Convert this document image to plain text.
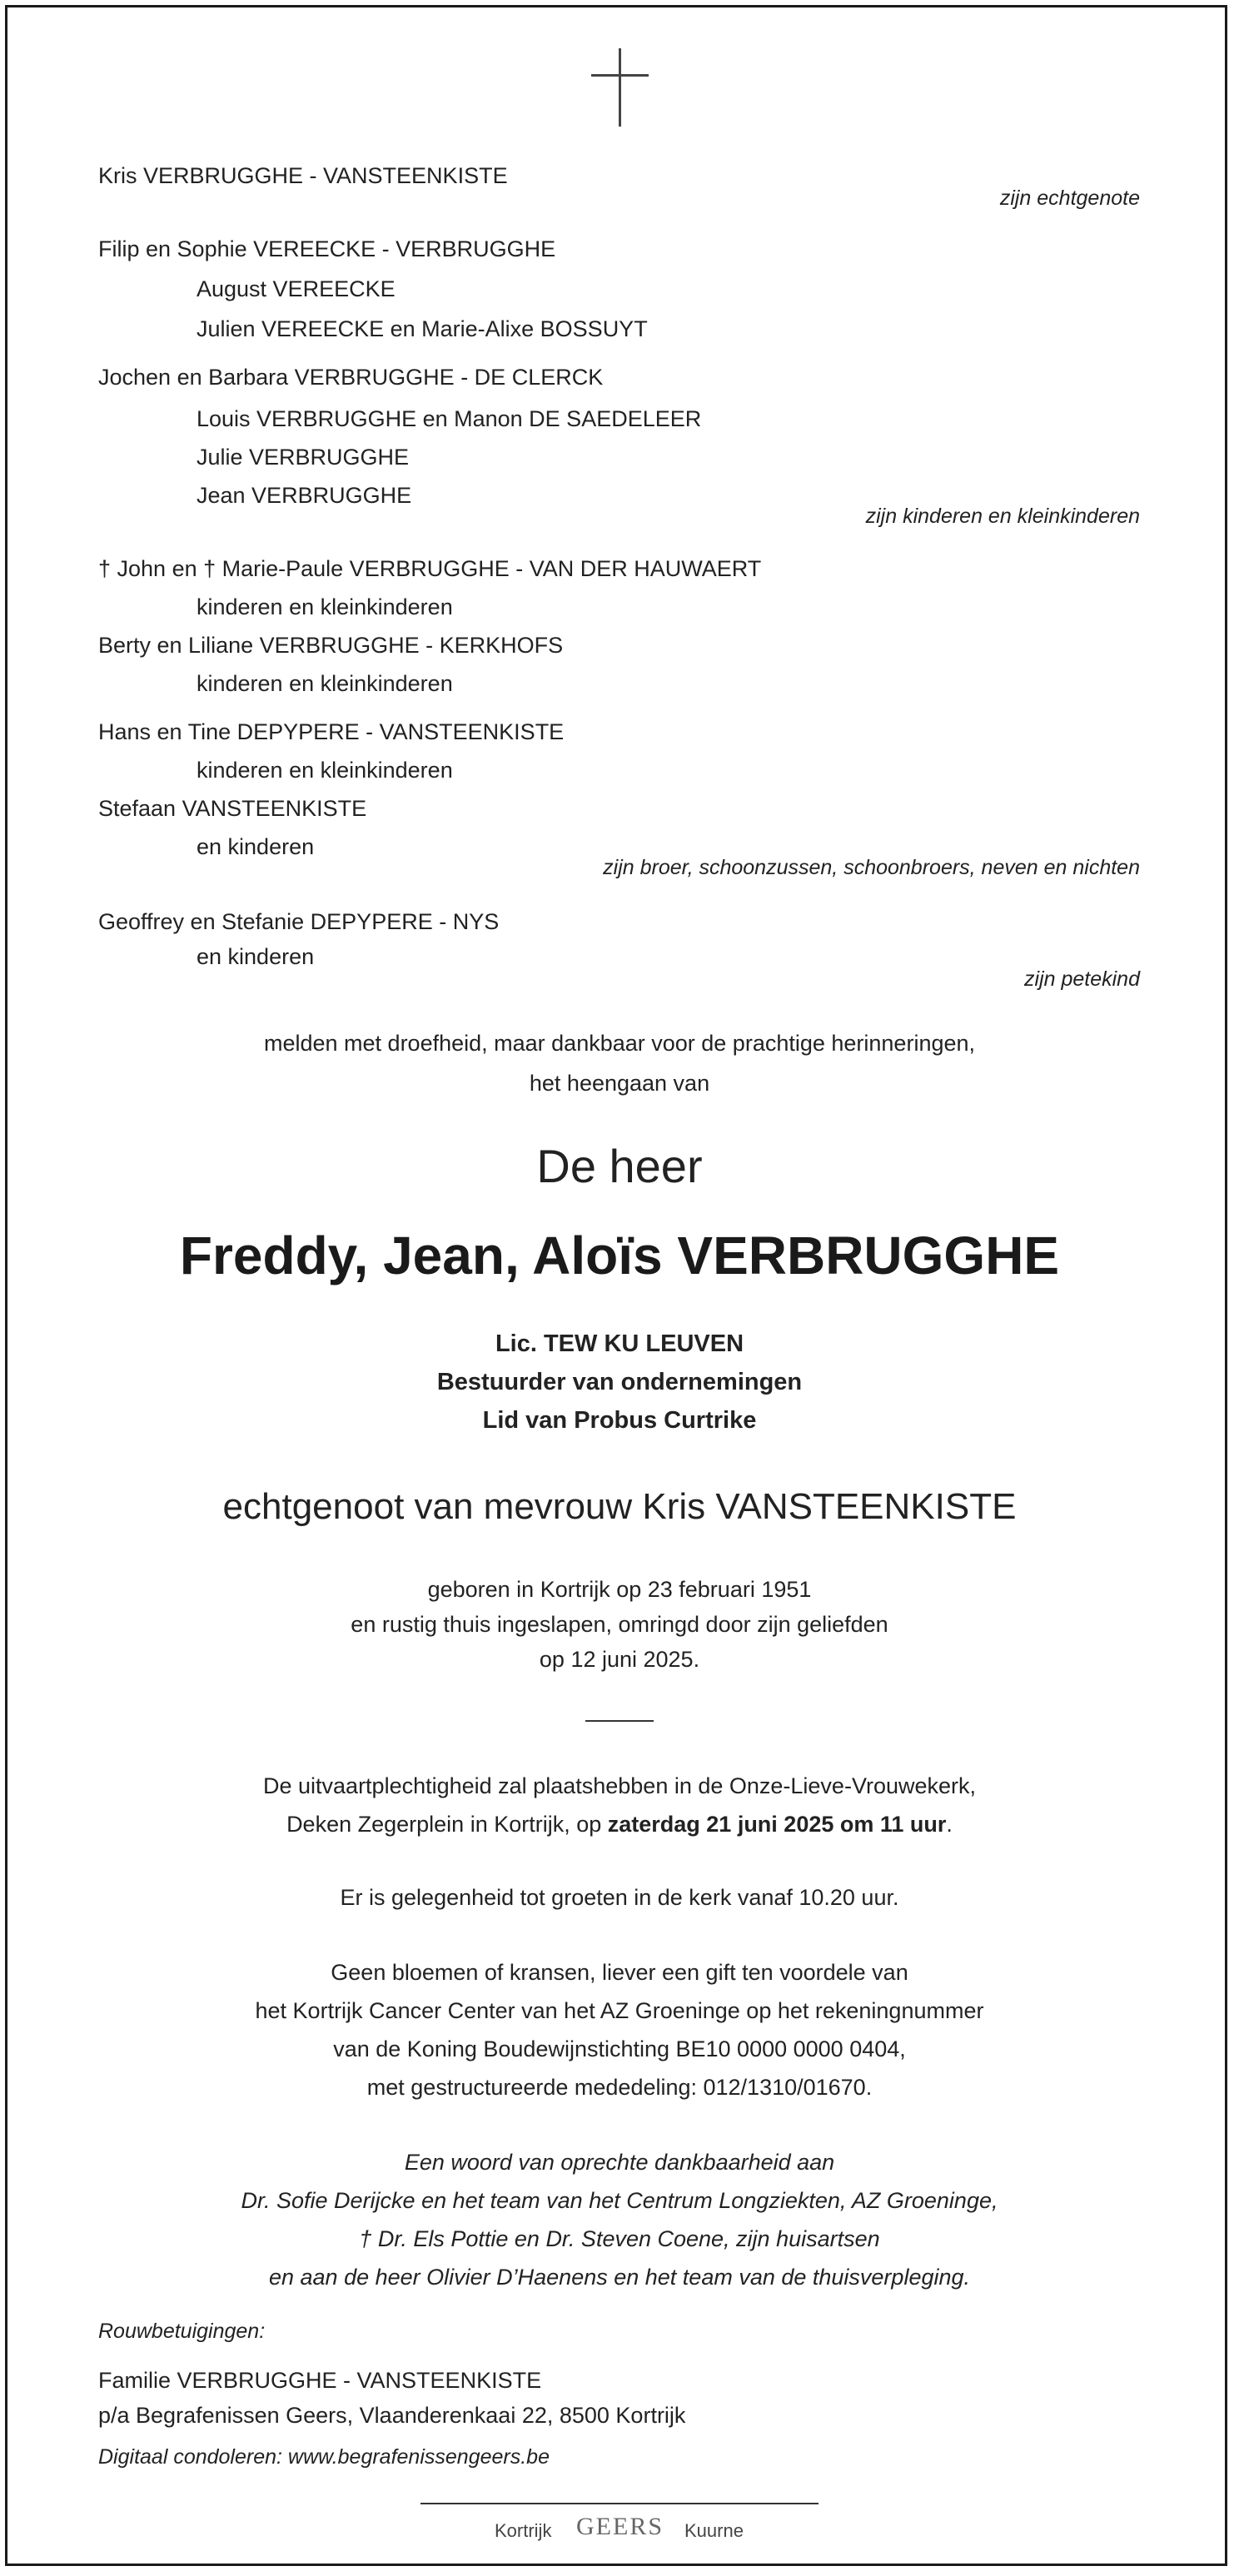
Kris VERBRUGGHE - VANSTEENKISTE
zijn echtgenote
Filip en Sophie VEREECKE - VERBRUGGHE
August VEREECKE
Julien VEREECKE en Marie-Alixe BOSSUYT
Jochen en Barbara VERBRUGGHE - DE CLERCK
Louis VERBRUGGHE en Manon DE SAEDELEER
Julie VERBRUGGHE
Jean VERBRUGGHE
zijn kinderen en kleinkinderen
† John en † Marie-Paule VERBRUGGHE - VAN DER HAUWAERT
kinderen en kleinkinderen
Berty en Liliane VERBRUGGHE - KERKHOFS
kinderen en kleinkinderen
Hans en Tine DEPYPERE - VANSTEENKISTE
kinderen en kleinkinderen
Stefaan VANSTEENKISTE
en kinderen
zijn broer, schoonzussen, schoonbroers, neven en nichten
Geoffrey en Stefanie DEPYPERE - NYS
en kinderen
zijn petekind
melden met droefheid, maar dankbaar voor de prachtige herinneringen,
het heengaan van
De heer
Freddy, Jean, Aloïs VERBRUGGHE
Lic. TEW KU LEUVEN
Bestuurder van ondernemingen
Lid van Probus Curtrike
echtgenoot van mevrouw Kris VANSTEENKISTE
geboren in Kortrijk op 23 februari 1951
en rustig thuis ingeslapen, omringd door zijn geliefden
op 12 juni 2025.
De uitvaartplechtigheid zal plaatshebben in de Onze-Lieve-Vrouwekerk,
Deken Zegerplein in Kortrijk, op zaterdag 21 juni 2025 om 11 uur.
Er is gelegenheid tot groeten in de kerk vanaf 10.20 uur.
Geen bloemen of kransen, liever een gift ten voordele van
het Kortrijk Cancer Center van het AZ Groeninge op het rekeningnummer
van de Koning Boudewijnstichting BE10 0000 0000 0404,
met gestructureerde mededeling: 012/1310/01670.
Een woord van oprechte dankbaarheid aan
Dr. Sofie Derijcke en het team van het Centrum Longziekten, AZ Groeninge,
† Dr. Els Pottie en Dr. Steven Coene, zijn huisartsen
en aan de heer Olivier D’Haenens en het team van de thuisverpleging.
Rouwbetuigingen:
Familie VERBRUGGHE - VANSTEENKISTE
p/a Begrafenissen Geers, Vlaanderenkaai 22, 8500 Kortrijk
Digitaal condoleren: www.begrafenissengeers.be
Kortrijk GEERS Kuurne
